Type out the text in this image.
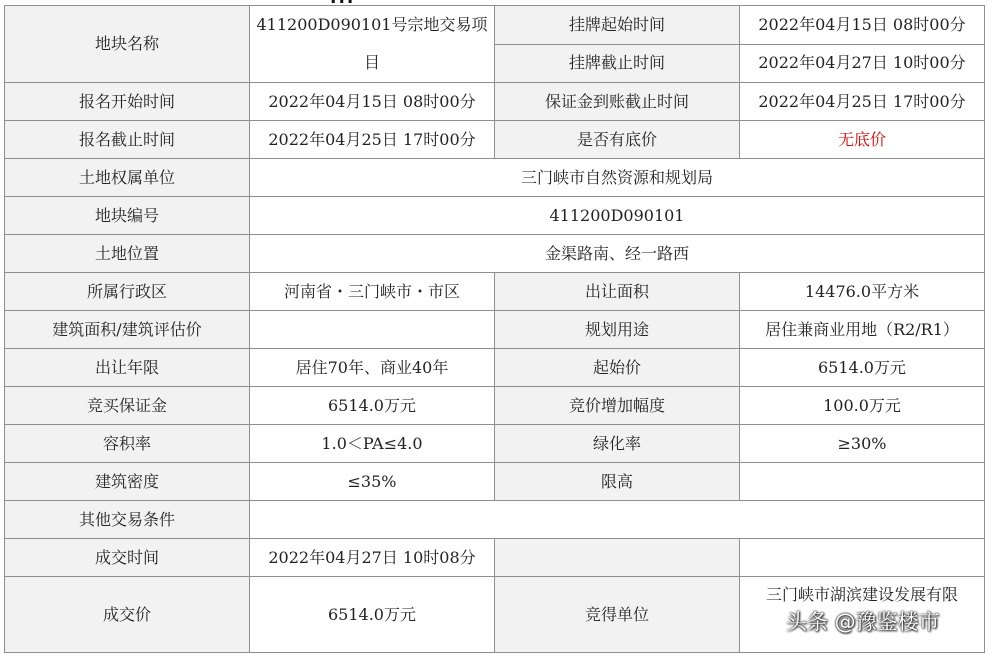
地块名称	411200D090101号宗地交易项目	挂牌起始时间	2022年04月15日 08时00分
		挂牌截止时间	2022年04月27日 10时00分
报名开始时间	2022年04月15日 08时00分	保证金到账截止时间	2022年04月25日 17时00分
报名截止时间	2022年04月25日 17时00分	是否有底价	无底价
土地权属单位	三门峡市自然资源和规划局		
地块编号	411200D090101		
土地位置	金渠路南、经一路西		
所属行政区	河南省・三门峡市・市区	出让面积	14476.0平方米
建筑面积/建筑评估价		规划用途	居住兼商业用地（R2/R1）
出让年限	居住70年、商业40年	起始价	6514.0万元
竞买保证金	6514.0万元	竞价增加幅度	100.0万元
容积率	1.0＜PA≤4.0	绿化率	≥30%
建筑密度	≤35%	限高	
其他交易条件			
成交时间	2022年04月27日 10时08分		
成交价	6514.0万元	竞得单位	三门峡市湖滨建设发展有限
头条 @豫鉴楼市
